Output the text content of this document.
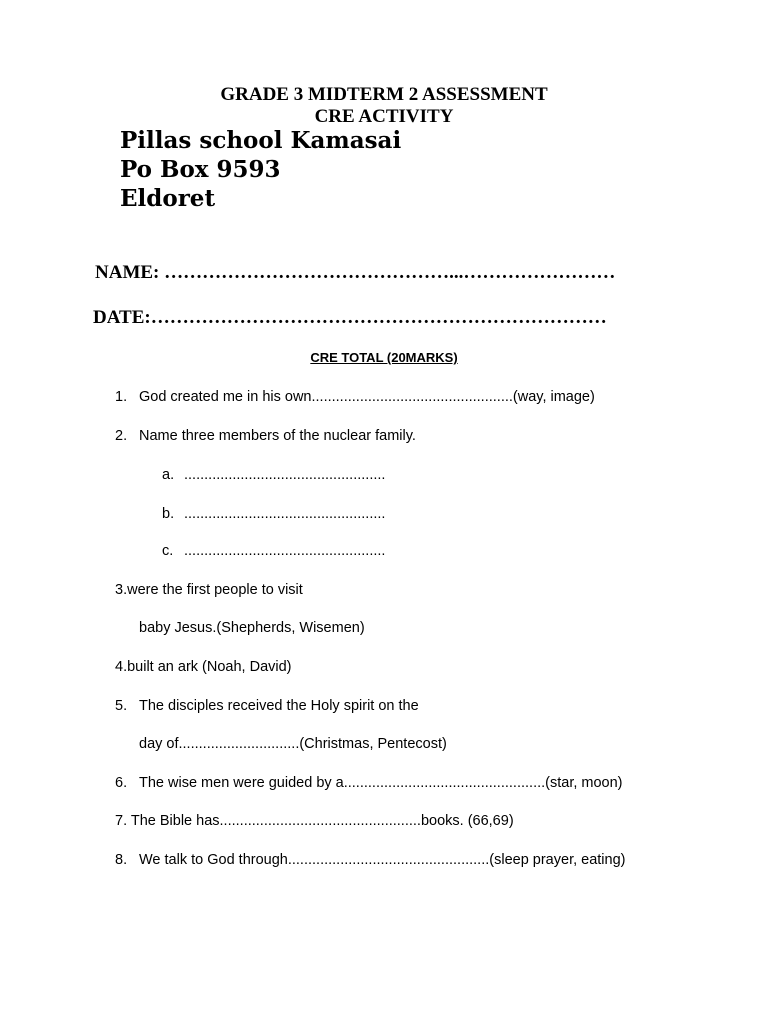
GRADE 3 MIDTERM 2 ASSESSMENT
CRE ACTIVITY
Pillas school Kamasai
Po Box 9593
Eldoret
NAME: ………………………………………...……………………
DATE:………………………………………………………………
CRE TOTAL (20MARKS)
1. God created me in his own..................................................(way, image)
2. Name three members of the nuclear family.
a. ..................................................
b. ..................................................
c. ..................................................
3.were the first people to visit
baby Jesus.(Shepherds, Wisemen)
4.built an ark (Noah, David)
5. The disciples received the Holy spirit on the
day of..............................(Christmas, Pentecost)
6. The wise men were guided by a..................................................(star, moon)
7. The Bible has..................................................books. (66,69)
8. We talk to God through..................................................(sleep prayer, eating)
